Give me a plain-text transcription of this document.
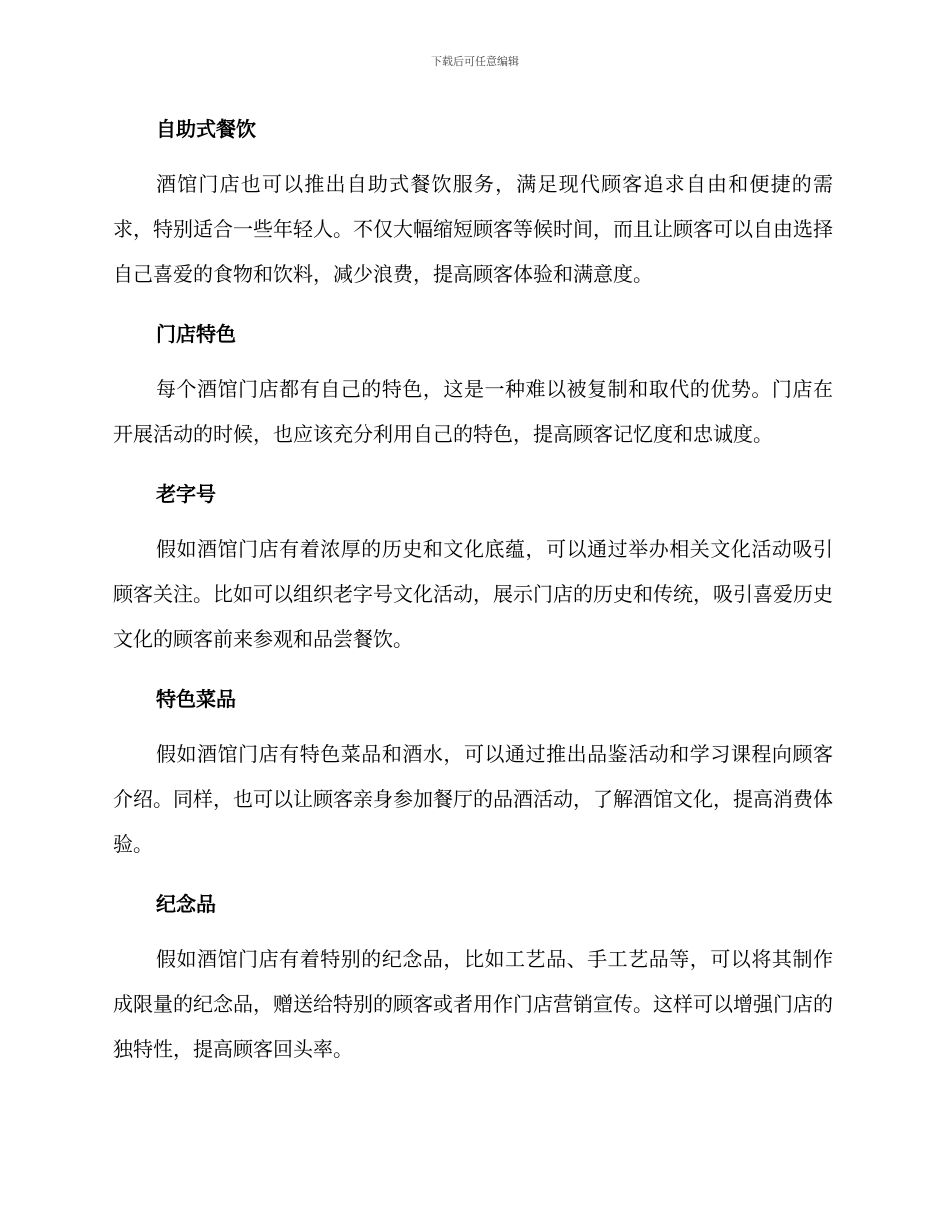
下载后可任意编辑
自助式餐饮

酒馆门店也可以推出自助式餐饮服务，满足现代顾客追求自由和便捷的需求，特别适合一些年轻人。不仅大幅缩短顾客等候时间，而且让顾客可以自由选择自己喜爱的食物和饮料，减少浪费，提高顾客体验和满意度。

门店特色

每个酒馆门店都有自己的特色，这是一种难以被复制和取代的优势。门店在开展活动的时候，也应该充分利用自己的特色，提高顾客记忆度和忠诚度。

老字号

假如酒馆门店有着浓厚的历史和文化底蕴，可以通过举办相关文化活动吸引顾客关注。比如可以组织老字号文化活动，展示门店的历史和传统，吸引喜爱历史文化的顾客前来参观和品尝餐饮。

特色菜品

假如酒馆门店有特色菜品和酒水，可以通过推出品鉴活动和学习课程向顾客介绍。同样，也可以让顾客亲身参加餐厅的品酒活动，了解酒馆文化，提高消费体验。

纪念品

假如酒馆门店有着特别的纪念品，比如工艺品、手工艺品等，可以将其制作成限量的纪念品，赠送给特别的顾客或者用作门店营销宣传。这样可以增强门店的独特性，提高顾客回头率。
